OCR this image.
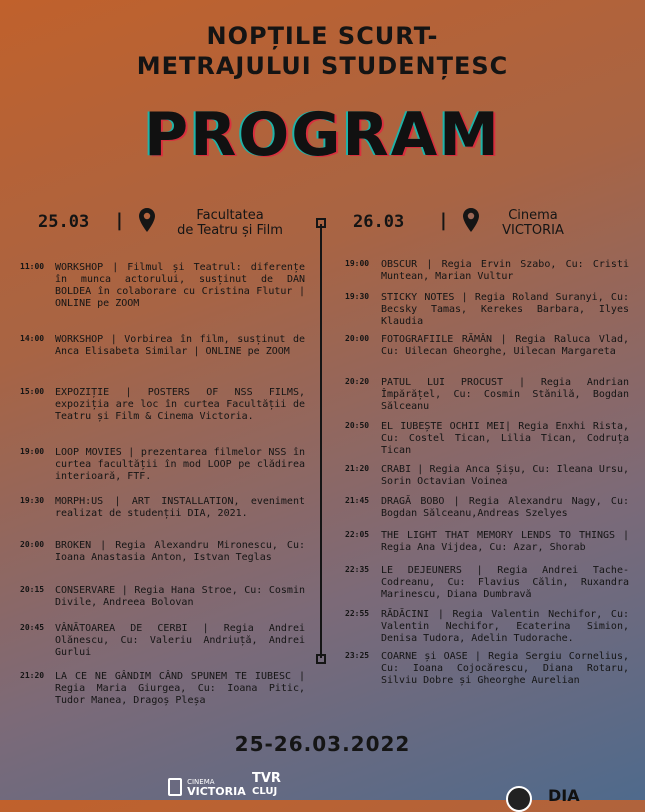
NOPȚILE SCURT-
METRAJULUI STUDENȚESC
PROGRAM
25.03 |	Facultatea
de Teatru și Film	26.03 |	Cinema
VICTORIA
11:00 WORKSHOP | Filmul și Teatrul: diferențe în munca actorului, susținut de DAN BOLDEA în colaborare cu Cristina Flutur | ONLINE pe ZOOM
14:00 WORKSHOP | Vorbirea în film, susținut de Anca Elisabeta Similar | ONLINE pe ZOOM
15:00 EXPOZIȚIE | POSTERS OF NSS FILMS, expoziția are loc în curtea Facultății de Teatru și Film & Cinema Victoria.
19:00 LOOP MOVIES | prezentarea filmelor NSS în curtea facultății în mod LOOP pe clădirea interioară, FTF.
19:30 MORPH:US | ART INSTALLATION, eveniment realizat de studenții DIA, 2021.
20:00 BROKEN | Regia Alexandru Mironescu, Cu: Ioana Anastasia Anton, Istvan Teglas
20:15 CONSERVARE | Regia Hana Stroe, Cu: Cosmin Divile, Andreea Bolovan
20:45 VÂNĂTOAREA DE CERBI | Regia Andrei Olănescu, Cu: Valeriu Andriuță, Andrei Gurlui
21:20 LA CE NE GÂNDIM CÂND SPUNEM TE IUBESC | Regia Maria Giurgea, Cu: Ioana Pitic, Tudor Manea, Dragoș Pleșa
19:00 OBSCUR | Regia Ervin Szabo, Cu: Cristi Muntean, Marian Vultur
19:30 STICKY NOTES | Regia Roland Suranyi, Cu: Becsky Tamas, Kerekes Barbara, Ilyes Klaudia
20:00 FOTOGRAFIILE RĂMÂN | Regia Raluca Vlad, Cu: Uilecan Gheorghe, Uilecan Margareta
20:20 PATUL LUI PROCUST | Regia Andrian Împărățel, Cu: Cosmin Stănilă, Bogdan Sălceanu
20:50 EL IUBEȘTE OCHII MEI| Regia Enxhi Rista, Cu: Costel Tican, Lilia Tican, Codruța Tican
21:20 CRABI | Regia Anca Șișu, Cu: Ileana Ursu, Sorin Octavian Voinea
21:45 DRAGĂ BOBO | Regia Alexandru Nagy, Cu: Bogdan Sălceanu,Andreas Szelyes
22:05 THE LIGHT THAT MEMORY LENDS TO THINGS | Regia Ana Vijdea, Cu: Azar, Shorab
22:35 LE DEJEUNERS | Regia Andrei Tache-Codreanu, Cu: Flavius Călin, Ruxandra Marinescu, Diana Dumbravă
22:55 RĂDĂCINI | Regia Valentin Nechifor, Cu: Valentin Nechifor, Ecaterina Simion, Denisa Tudora, Adelin Tudorache.
23:25 COARNE și OASE | Regia Sergiu Cornelius, Cu: Ioana Cojocărescu, Diana Rotaru, Silviu Dobre și Gheorghe Aurelian
25-26.03.2022

CINEMA
VICTORIA
TVR
CLUJ	DIA
